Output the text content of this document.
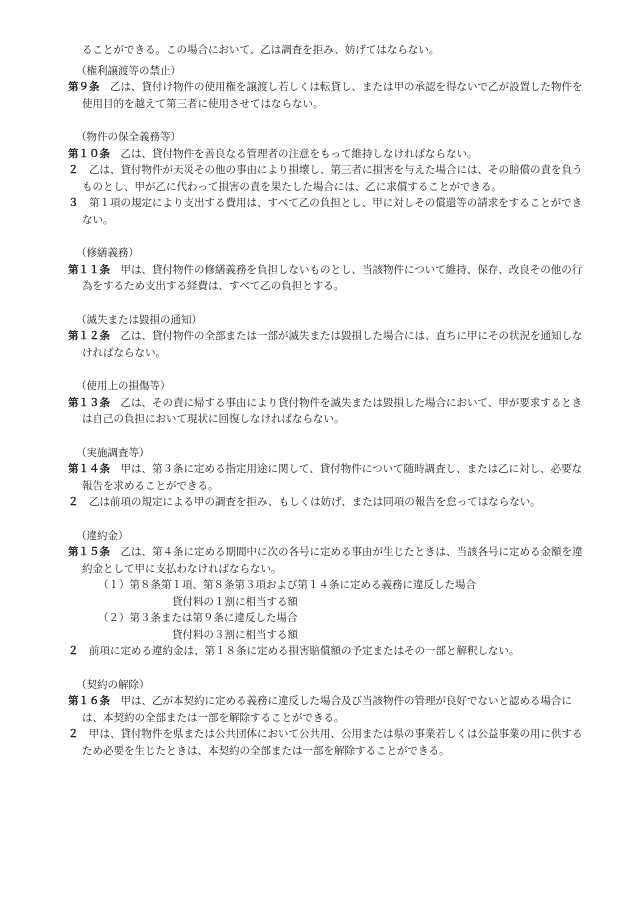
ることができる。この場合において、乙は調査を拒み、妨げてはならない。

（権利譲渡等の禁止）

第９条　乙は、貸付け物件の使用権を譲渡し若しくは転貸し、または甲の承認を得ないで乙が設置した物件を使用目的を越えて第三者に使用させてはならない。

（物件の保全義務等）

第１０条　乙は、貸付物件を善良なる管理者の注意をもって維持しなければならない。

２　乙は、貸付物件が天災その他の事由により損壊し、第三者に損害を与えた場合には、その賠償の責を負うものとし、甲が乙に代わって損害の責を果たした場合には、乙に求償することができる。

３　第１項の規定により支出する費用は、すべて乙の負担とし、甲に対しその償還等の請求をすることができない。

（修繕義務）

第１１条　甲は、貸付物件の修繕義務を負担しないものとし、当該物件について維持、保存、改良その他の行為をするため支出する経費は、すべて乙の負担とする。

（滅失または毀損の通知）

第１２条　乙は、貸付物件の全部または一部が滅失または毀損した場合には、直ちに甲にその状況を通知しなければならない。

（使用上の損傷等）

第１３条　乙は、その責に帰する事由により貸付物件を滅失または毀損した場合において、甲が要求するときは自己の負担において現状に回復しなければならない。

（実施調査等）

第１４条　甲は、第３条に定める指定用途に関して、貸付物件について随時調査し、または乙に対し、必要な報告を求めることができる。

２　乙は前項の規定による甲の調査を拒み、もしくは妨げ、または同項の報告を怠ってはならない。

（違約金）

第１５条　乙は、第４条に定める期間中に次の各号に定める事由が生じたときは、当該各号に定める金額を違約金として甲に支払わなければならない。

（１）第８条第１項、第８条第３項および第１４条に定める義務に違反した場合

貸付料の１割に相当する額

（２）第３条または第９条に違反した場合

貸付料の３割に相当する額

２　前項に定める違約金は、第１８条に定める損害賠償額の予定またはその一部と解釈しない。

（契約の解除）

第１６条　甲は、乙が本契約に定める義務に違反した場合及び当該物件の管理が良好でないと認める場合には、本契約の全部または一部を解除することができる。

２　甲は、貸付物件を県または公共団体において公共用、公用または県の事業若しくは公益事業の用に供するため必要を生じたときは、本契約の全部または一部を解除することができる。
